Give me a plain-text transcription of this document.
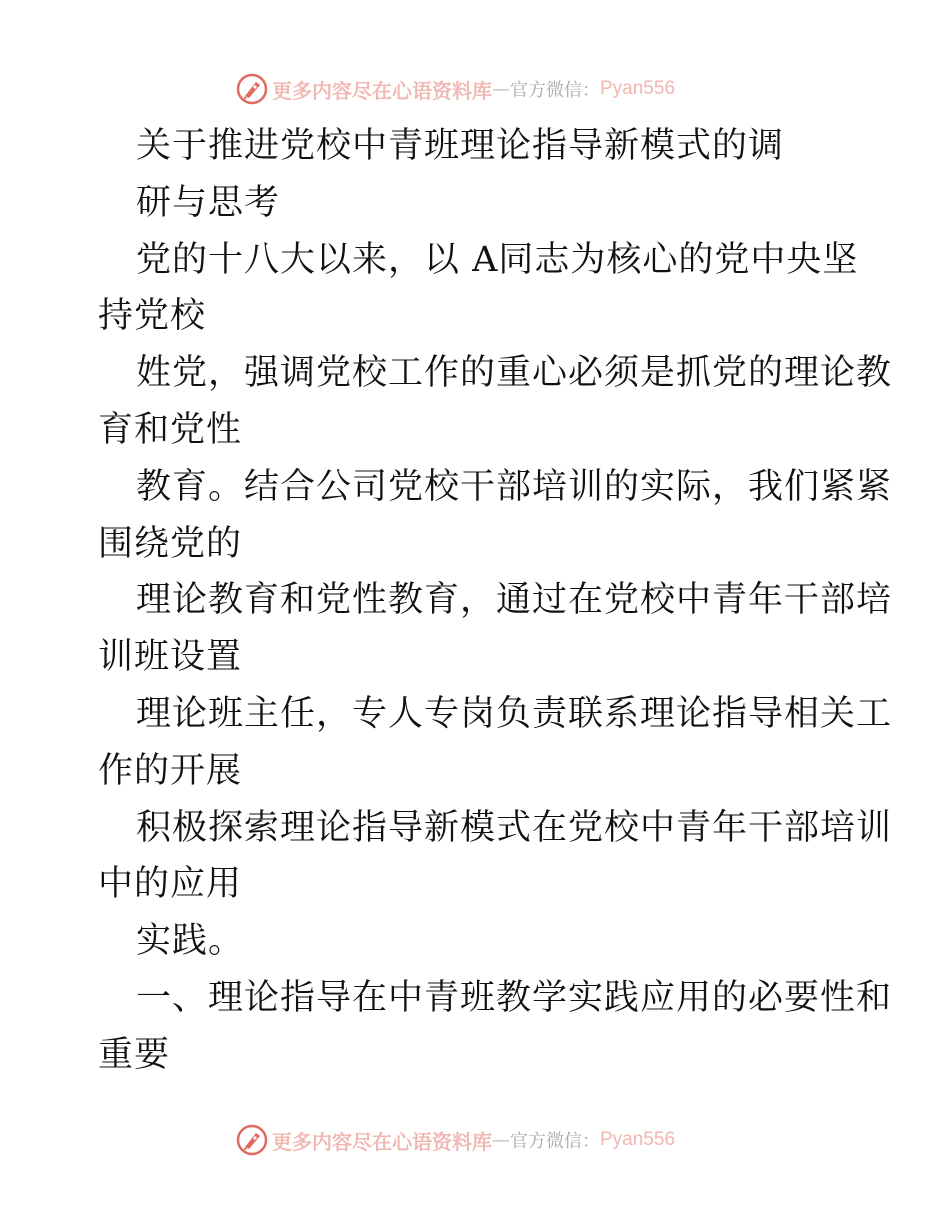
更多内容尽在心语资料库 — 官方微信： Pyan556
关于推进党校中青班理论指导新模式的调
研与思考
党的十八大以来，以 A同志为核心的党中央坚
持党校
姓党，强调党校工作的重心必须是抓党的理论教
育和党性
教育。结合公司党校干部培训的实际，我们紧紧
围绕党的
理论教育和党性教育，通过在党校中青年干部培
训班设置
理论班主任，专人专岗负责联系理论指导相关工
作的开展
积极探索理论指导新模式在党校中青年干部培训
中的应用
实践。
一、理论指导在中青班教学实践应用的必要性和
重要
更多内容尽在心语资料库 — 官方微信： Pyan556
